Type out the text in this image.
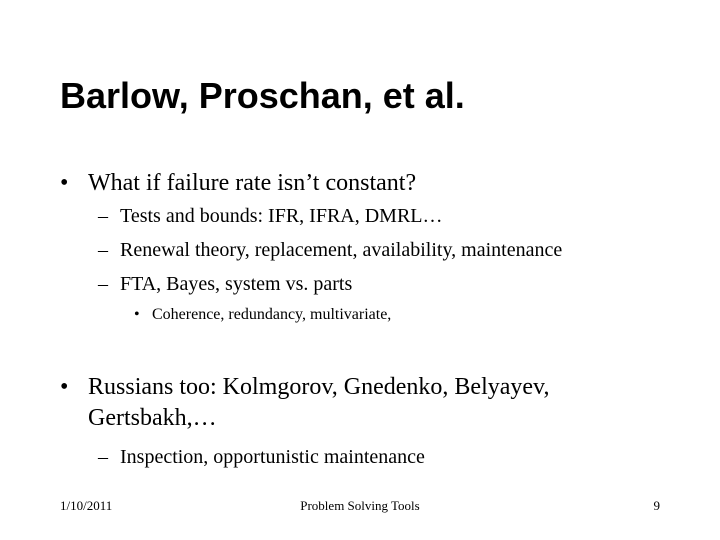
Barlow, Proschan, et al.
• What if failure rate isn’t constant?
– Tests and bounds: IFR, IFRA, DMRL…
– Renewal theory, replacement, availability, maintenance
– FTA, Bayes, system vs. parts
• Coherence, redundancy, multivariate,
• Russians too: Kolmgorov, Gnedenko, Belyayev,
Gertsbakh,…
– Inspection, opportunistic maintenance
1/10/2011	Problem Solving Tools	9
